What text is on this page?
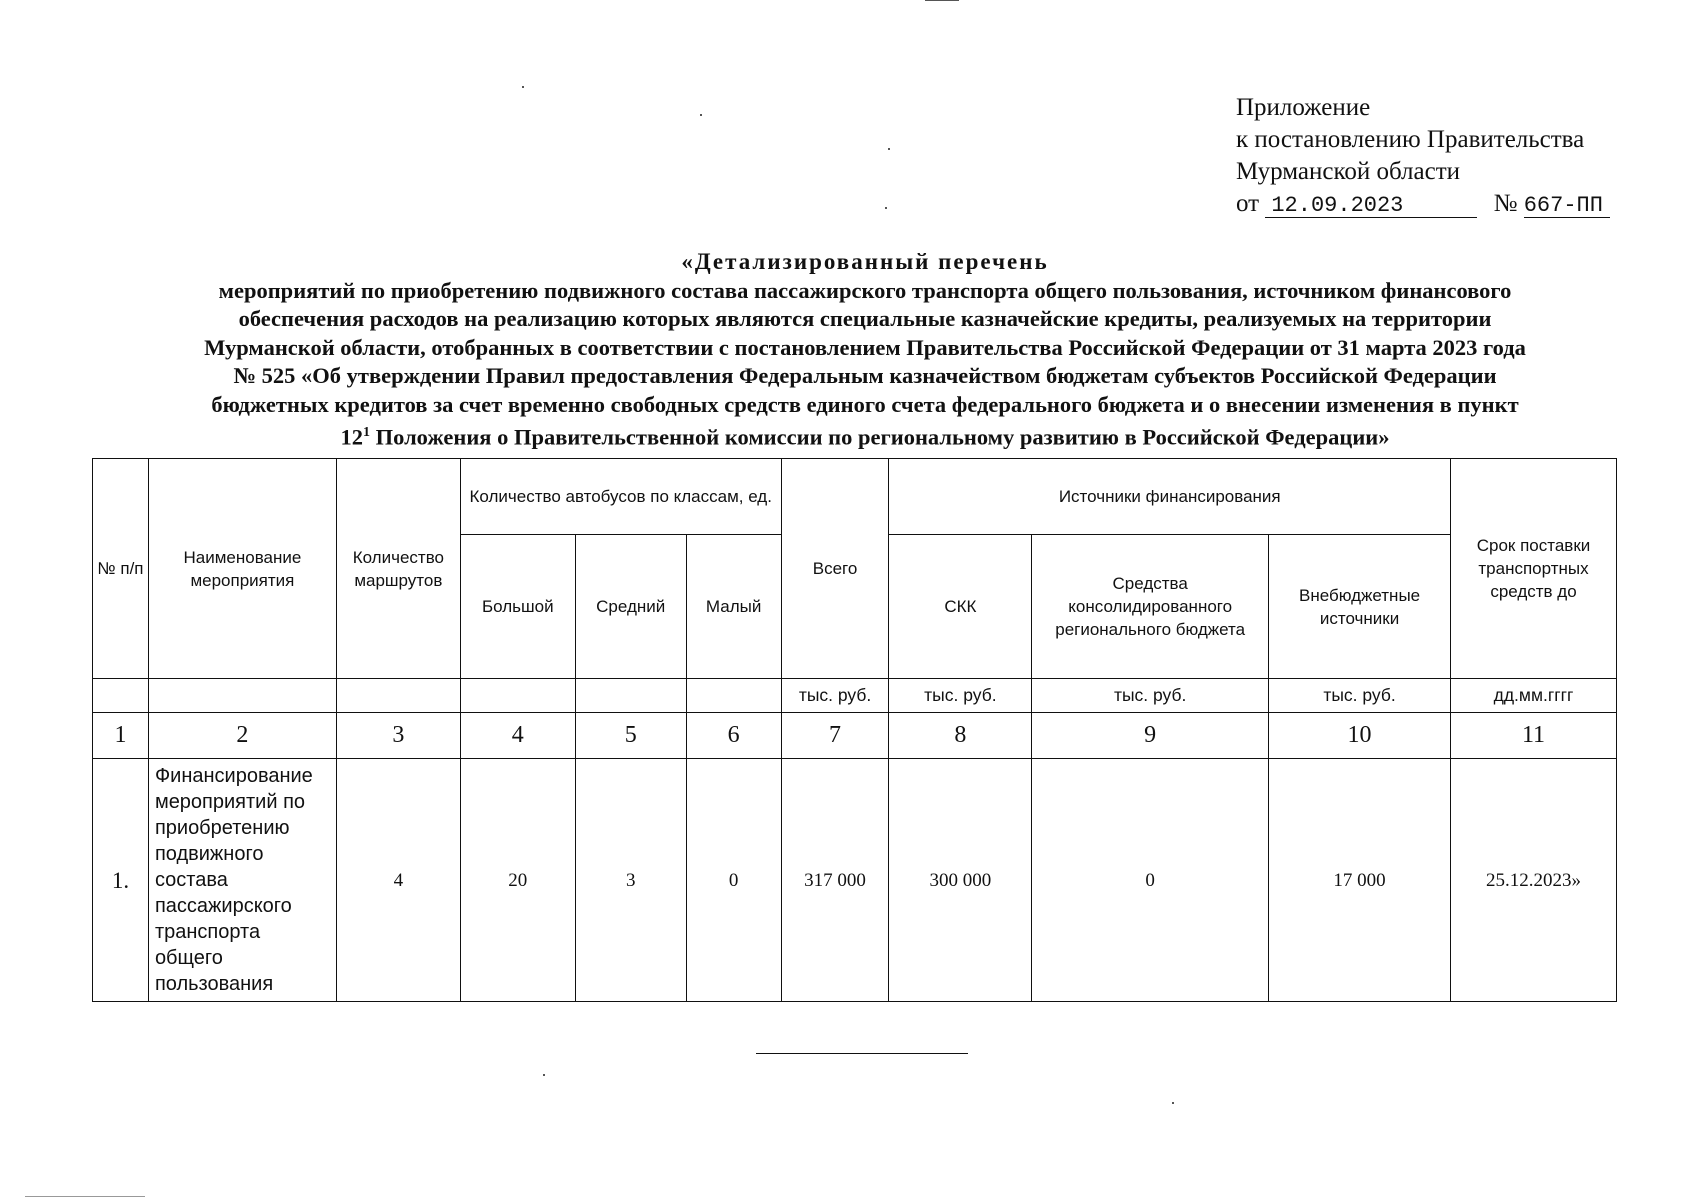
Приложение
к постановлению Правительства
Мурманской области
от 12.09.2023	№ 667-ПП
«Детализированный перечень
мероприятий по приобретению подвижного состава пассажирского транспорта общего пользования, источником финансового
обеспечения расходов на реализацию которых являются специальные казначейские кредиты, реализуемых на территории
Мурманской области, отобранных в соответствии с постановлением Правительства Российской Федерации от 31 марта 2023 года
№ 525 «Об утверждении Правил предоставления Федеральным казначейством бюджетам субъектов Российской Федерации
бюджетных кредитов за счет временно свободных средств единого счета федерального бюджета и о внесении изменения в пункт
$12^1$ Положения о Правительственной комиссии по региональному развитию в Российской Федерации»
№ п/п	Наименование мероприятия	Количество маршрутов	Количество автобусов по классам, ед.			Всего	Источники финансирования			Срок поставки транспортных средств до
			Большой	Средний	Малый		СКК	Средства консолидированного регионального бюджета	Внебюджетные источники	
						тыс. руб.	тыс. руб.	тыс. руб.	тыс. руб.	дд.мм.гггг
1	2	3	4	5	6	7	8	9	10	11
1.	Финансирование мероприятий по приобретению подвижного состава пассажирского транспорта общего пользования	4	20	3	0	317 000	300 000	0	17 000	25.12.2023»
